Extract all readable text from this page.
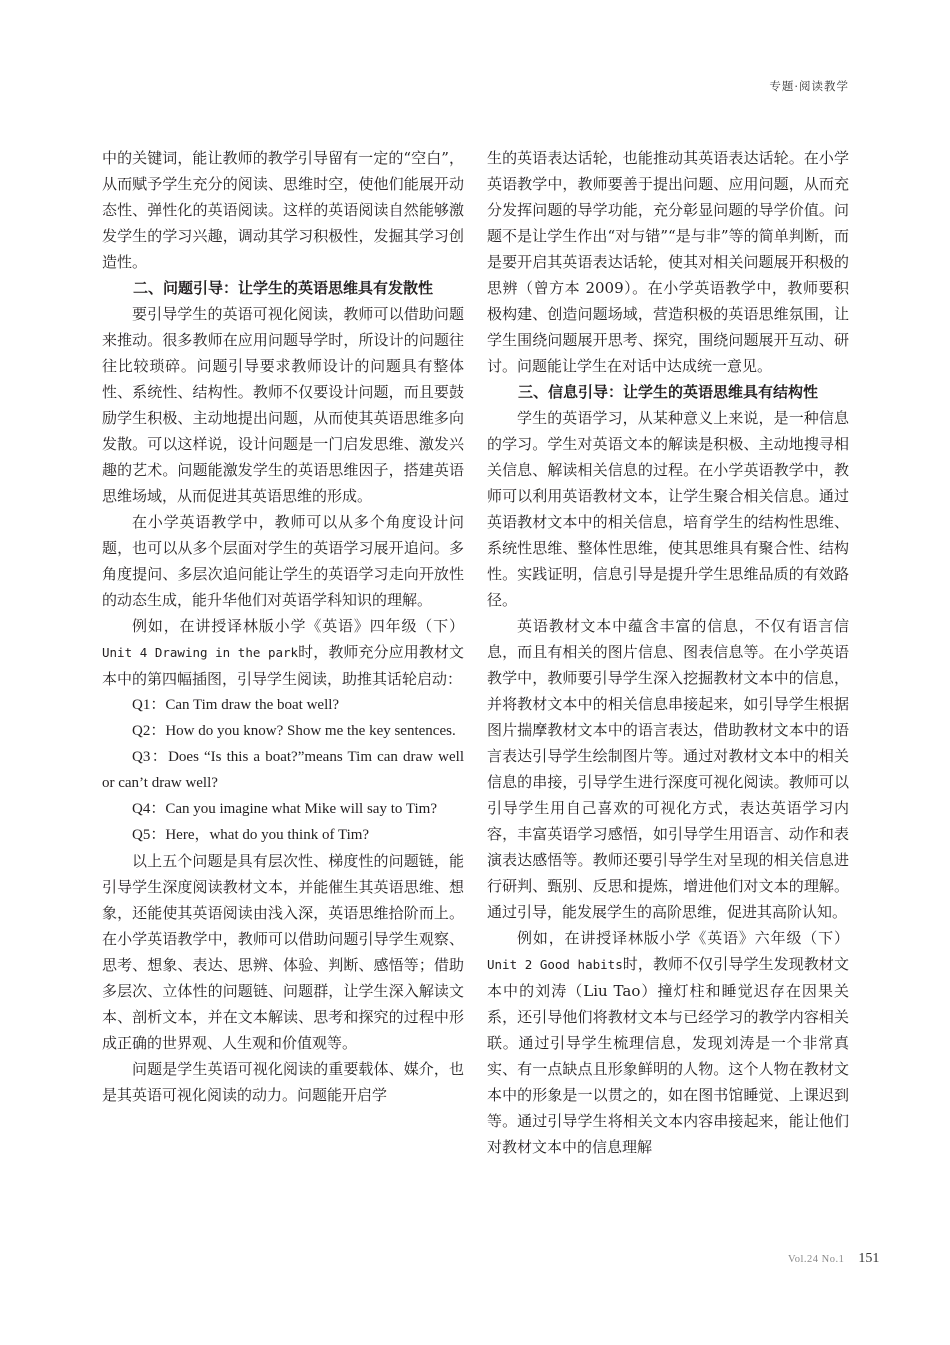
专题·阅读教学

中的关键词，能让教师的教学引导留有一定的“空白”，从而赋予学生充分的阅读、思维时空，使他们能展开动态性、弹性化的英语阅读。这样的英语阅读自然能够激发学生的学习兴趣，调动其学习积极性，发掘其学习创造性。

二、问题引导：让学生的英语思维具有发散性

要引导学生的英语可视化阅读，教师可以借助问题来推动。很多教师在应用问题导学时，所设计的问题往往比较琐碎。问题引导要求教师设计的问题具有整体性、系统性、结构性。教师不仅要设计问题，而且要鼓励学生积极、主动地提出问题，从而使其英语思维多向发散。可以这样说，设计问题是一门启发思维、激发兴趣的艺术。问题能激发学生的英语思维因子，搭建英语思维场域，从而促进其英语思维的形成。

在小学英语教学中，教师可以从多个角度设计问题，也可以从多个层面对学生的英语学习展开追问。多角度提问、多层次追问能让学生的英语学习走向开放性的动态生成，能升华他们对英语学科知识的理解。

例如，在讲授译林版小学《英语》四年级（下）Unit 4 Drawing in the park时，教师充分应用教材文本中的第四幅插图，引导学生阅读，助推其话轮启动：

Q1：Can Tim draw the boat well?

Q2：How do you know? Show me the key sentences.

Q3：Does “Is this a boat?”means Tim can draw well or can’t draw well?

Q4：Can you imagine what Mike will say to Tim?

Q5：Here，what do you think of Tim?

以上五个问题是具有层次性、梯度性的问题链，能引导学生深度阅读教材文本，并能催生其英语思维、想象，还能使其英语阅读由浅入深，英语思维拾阶而上。在小学英语教学中，教师可以借助问题引导学生观察、思考、想象、表达、思辨、体验、判断、感悟等；借助多层次、立体性的问题链、问题群，让学生深入解读文本、剖析文本，并在文本解读、思考和探究的过程中形成正确的世界观、人生观和价值观等。

问题是学生英语可视化阅读的重要载体、媒介，也是其英语可视化阅读的动力。问题能开启学

生的英语表达话轮，也能推动其英语表达话轮。在小学英语教学中，教师要善于提出问题、应用问题，从而充分发挥问题的导学功能，充分彰显问题的导学价值。问题不是让学生作出“对与错”“是与非”等的简单判断，而是要开启其英语表达话轮，使其对相关问题展开积极的思辨（曾方本 2009）。在小学英语教学中，教师要积极构建、创造问题场域，营造积极的英语思维氛围，让学生围绕问题展开思考、探究，围绕问题展开互动、研讨。问题能让学生在对话中达成统一意见。

三、信息引导：让学生的英语思维具有结构性

学生的英语学习，从某种意义上来说，是一种信息的学习。学生对英语文本的解读是积极、主动地搜寻相关信息、解读相关信息的过程。在小学英语教学中，教师可以利用英语教材文本，让学生聚合相关信息。通过英语教材文本中的相关信息，培育学生的结构性思维、系统性思维、整体性思维，使其思维具有聚合性、结构性。实践证明，信息引导是提升学生思维品质的有效路径。

英语教材文本中蕴含丰富的信息，不仅有语言信息，而且有相关的图片信息、图表信息等。在小学英语教学中，教师要引导学生深入挖掘教材文本中的信息，并将教材文本中的相关信息串接起来，如引导学生根据图片揣摩教材文本中的语言表达，借助教材文本中的语言表达引导学生绘制图片等。通过对教材文本中的相关信息的串接，引导学生进行深度可视化阅读。教师可以引导学生用自己喜欢的可视化方式，表达英语学习内容，丰富英语学习感悟，如引导学生用语言、动作和表演表达感悟等。教师还要引导学生对呈现的相关信息进行研判、甄别、反思和提炼，增进他们对文本的理解。通过引导，能发展学生的高阶思维，促进其高阶认知。

例如，在讲授译林版小学《英语》六年级（下）Unit 2 Good habits时，教师不仅引导学生发现教材文本中的刘涛（Liu Tao）撞灯柱和睡觉迟存在因果关系，还引导他们将教材文本与已经学习的教学内容相关联。通过引导学生梳理信息，发现刘涛是一个非常真实、有一点缺点且形象鲜明的人物。这个人物在教材文本中的形象是一以贯之的，如在图书馆睡觉、上课迟到等。通过引导学生将相关文本内容串接起来，能让他们对教材文本中的信息理解

Vol.24 No.1 151
